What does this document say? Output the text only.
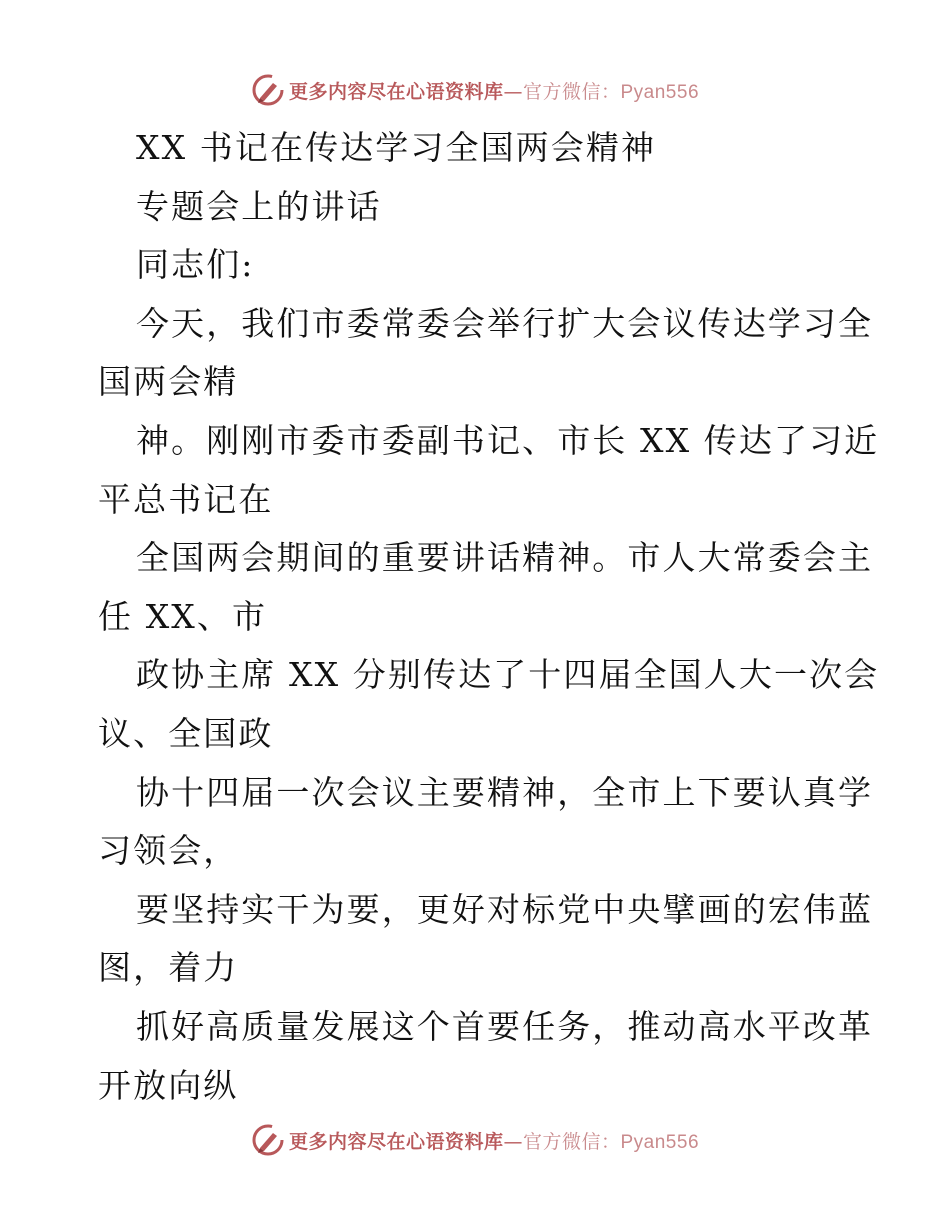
更多内容尽在心语资料库—官方微信：Pyan556
XX 书记在传达学习全国两会精神
专题会上的讲话
同志们:
今天，我们市委常委会举行扩大会议传达学习全
国两会精
神。刚刚市委市委副书记、市长 XX 传达了习近
平总书记在
全国两会期间的重要讲话精神。市人大常委会主
任 XX、市
政协主席 XX 分别传达了十四届全国人大一次会
议、全国政
协十四届一次会议主要精神，全市上下要认真学
习领会，
要坚持实干为要，更好对标党中央擘画的宏伟蓝
图，着力
抓好高质量发展这个首要任务，推动高水平改革
开放向纵
更多内容尽在心语资料库—官方微信：Pyan556
